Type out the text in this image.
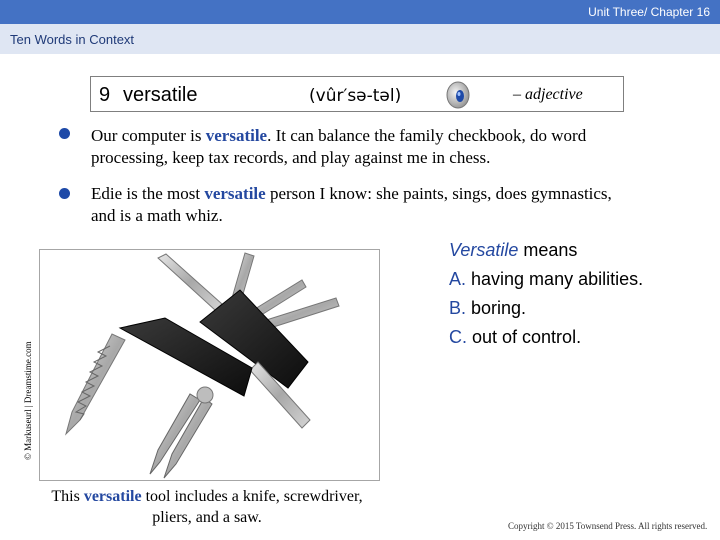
Unit Three/ Chapter 16
Ten Words in Context
9 versatile	(vûr′sə-təl)	– adjective
Our computer is versatile. It can balance the family checkbook, do word processing, keep tax records, and play against me in chess.
Edie is the most versatile person I know: she paints, sings, does gymnastics, and is a math whiz.
Versatile means
A. having many abilities.
B. boring.
C. out of control.
© Markuseurl | Dreamstime.com
This versatile tool includes a knife, screwdriver, pliers, and a saw.	Copyright © 2015 Townsend Press. All rights reserved.
